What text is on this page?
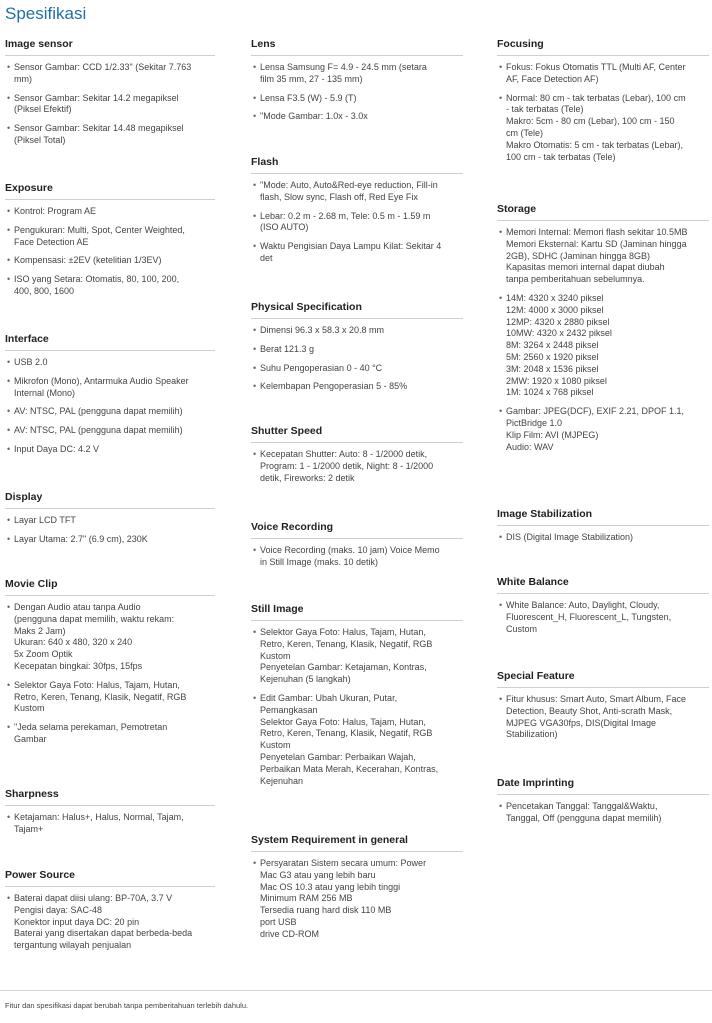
Spesifikasi
Image sensor
• Sensor Gambar: CCD 1/2.33" (Sekitar 7.763
mm)
• Sensor Gambar: Sekitar 14.2 megapiksel
(Piksel Efektif)
• Sensor Gambar: Sekitar 14.48 megapiksel
(Piksel Total)
Exposure
• Kontrol: Program AE
• Pengukuran: Multi, Spot, Center Weighted,
Face Detection AE
• Kompensasi: ±2EV (ketelitian 1/3EV)
• ISO yang Setara: Otomatis, 80, 100, 200,
400, 800, 1600
Interface
• USB 2.0
• Mikrofon (Mono), Antarmuka Audio Speaker
Internal (Mono)
• AV: NTSC, PAL (pengguna dapat memilih)
• AV: NTSC, PAL (pengguna dapat memilih)
• Input Daya DC: 4.2 V
Display
• Layar LCD TFT
• Layar Utama: 2.7" (6.9 cm), 230K
Movie Clip
• Dengan Audio atau tanpa Audio
(pengguna dapat memilih, waktu rekam:
Maks 2 Jam)
Ukuran: 640 x 480, 320 x 240
5x Zoom Optik
Kecepatan bingkai: 30fps, 15fps
• Selektor Gaya Foto: Halus, Tajam, Hutan,
Retro, Keren, Tenang, Klasik, Negatif, RGB
Kustom
• "Jeda selama perekaman, Pemotretan
Gambar
Sharpness
• Ketajaman: Halus+, Halus, Normal, Tajam,
Tajam+
Power Source
• Baterai dapat diisi ulang: BP-70A, 3.7 V
Pengisi daya: SAC-48
Konektor input daya DC: 20 pin
Baterai yang disertakan dapat berbeda-beda
tergantung wilayah penjualan
Lens
• Lensa Samsung F= 4.9 - 24.5 mm (setara
film 35 mm, 27 - 135 mm)
• Lensa F3.5 (W) - 5.9 (T)
• "Mode Gambar: 1.0x - 3.0x
Flash
• "Mode: Auto, Auto&Red-eye reduction, Fill-in
flash, Slow sync, Flash off, Red Eye Fix
• Lebar: 0.2 m - 2.68 m, Tele: 0.5 m - 1.59 m
(ISO AUTO)
• Waktu Pengisian Daya Lampu Kilat: Sekitar 4
det
Physical Specification
• Dimensi 96.3 x 58.3 x 20.8 mm
• Berat 121.3 g
• Suhu Pengoperasian 0 - 40 °C
• Kelembapan Pengoperasian 5 - 85%
Shutter Speed
• Kecepatan Shutter: Auto: 8 - 1/2000 detik,
Program: 1 - 1/2000 detik, Night: 8 - 1/2000
detik, Fireworks: 2 detik
Voice Recording
• Voice Recording (maks. 10 jam) Voice Memo
in Still Image (maks. 10 detik)
Still Image
• Selektor Gaya Foto: Halus, Tajam, Hutan,
Retro, Keren, Tenang, Klasik, Negatif, RGB
Kustom
Penyetelan Gambar: Ketajaman, Kontras,
Kejenuhan (5 langkah)
• Edit Gambar: Ubah Ukuran, Putar,
Pemangkasan
Selektor Gaya Foto: Halus, Tajam, Hutan,
Retro, Keren, Tenang, Klasik, Negatif, RGB
Kustom
Penyetelan Gambar: Perbaikan Wajah,
Perbaikan Mata Merah, Kecerahan, Kontras,
Kejenuhan
System Requirement in general
• Persyaratan Sistem secara umum: Power
Mac G3 atau yang lebih baru
Mac OS 10.3 atau yang lebih tinggi
Minimum RAM 256 MB
Tersedia ruang hard disk 110 MB
port USB
drive CD-ROM
Focusing
• Fokus: Fokus Otomatis TTL (Multi AF, Center
AF, Face Detection AF)
• Normal: 80 cm - tak terbatas (Lebar), 100 cm
- tak terbatas (Tele)
Makro: 5cm - 80 cm (Lebar), 100 cm - 150
cm (Tele)
Makro Otomatis: 5 cm - tak terbatas (Lebar),
100 cm - tak terbatas (Tele)
Storage
• Memori Internal: Memori flash sekitar 10.5MB
Memori Eksternal: Kartu SD (Jaminan hingga
2GB), SDHC (Jaminan hingga 8GB)
Kapasitas memori internal dapat diubah
tanpa pemberitahuan sebelumnya.
• 14M: 4320 x 3240 piksel
12M: 4000 x 3000 piksel
12MP: 4320 x 2880 piksel
10MW: 4320 x 2432 piksel
8M: 3264 x 2448 piksel
5M: 2560 x 1920 piksel
3M: 2048 x 1536 piksel
2MW: 1920 x 1080 piksel
1M: 1024 x 768 piksel
• Gambar: JPEG(DCF), EXIF 2.21, DPOF 1.1,
PictBridge 1.0
Klip Film: AVI (MJPEG)
Audio: WAV
Image Stabilization
• DIS (Digital Image Stabilization)
White Balance
• White Balance: Auto, Daylight, Cloudy,
Fluorescent_H, Fluorescent_L, Tungsten,
Custom
Special Feature
• Fitur khusus: Smart Auto, Smart Album, Face
Detection, Beauty Shot, Anti-scrath Mask,
MJPEG VGA30fps, DIS(Digital Image
Stabilization)
Date Imprinting
• Pencetakan Tanggal: Tanggal&Waktu,
Tanggal, Off (pengguna dapat memilih)
Fitur dan spesifikasi dapat berubah tanpa pemberitahuan terlebih dahulu.
